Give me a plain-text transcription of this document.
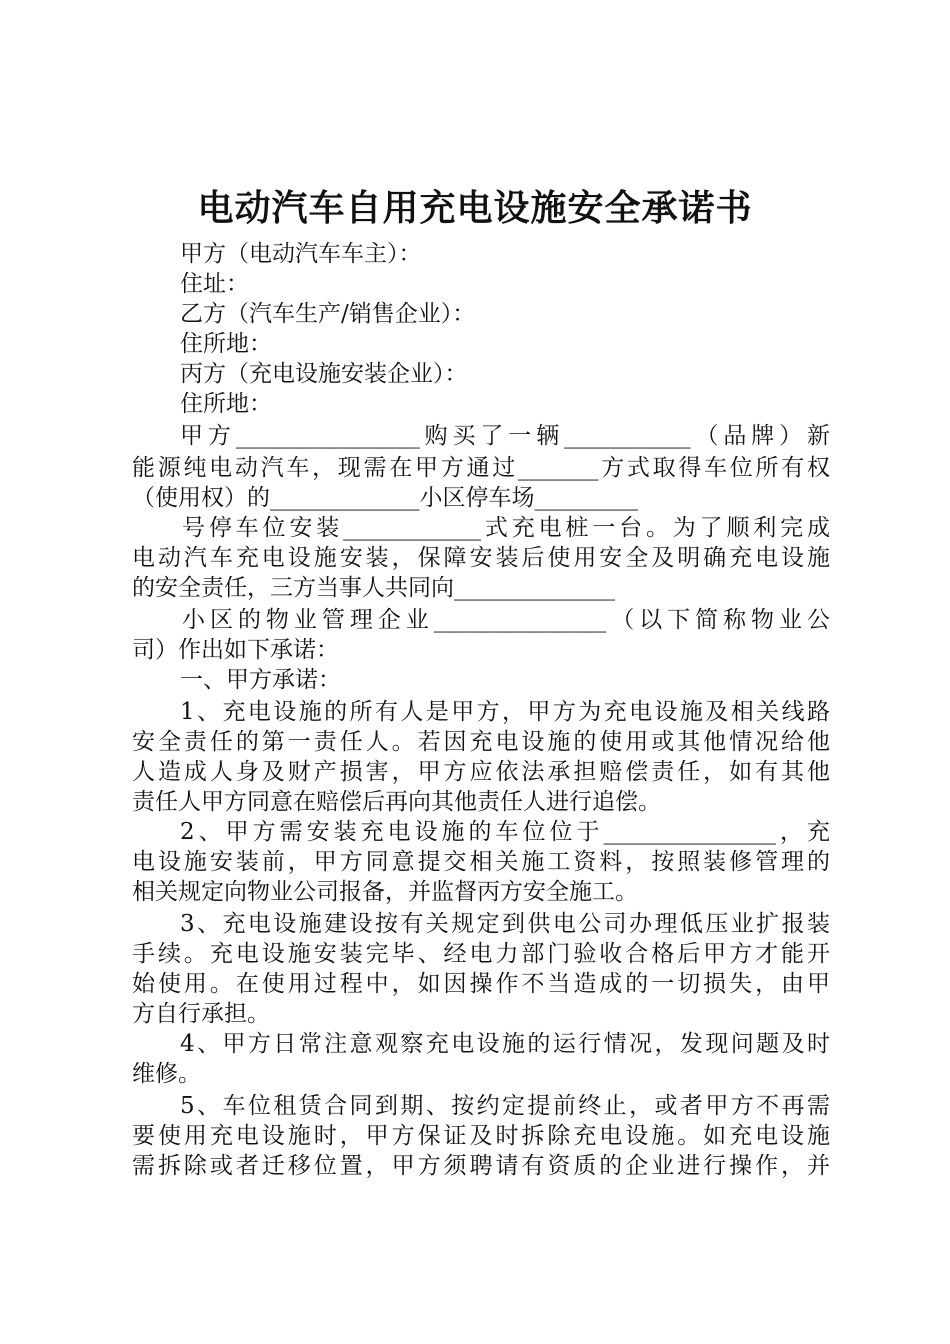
电动汽车自用充电设施安全承诺书
甲方（电动汽车车主）：
住址：
乙方（汽车生产/销售企业）：
住所地：
丙方（充电设施安装企业）：
住所地：
甲方________________购买了一辆___________（品牌）新
能源纯电动汽车，现需在甲方通过_______方式取得车位所有权
（使用权）的_____________小区停车场_________
号停车位安装____________式充电桩一台。为了顺利完成
电动汽车充电设施安装，保障安装后使用安全及明确充电设施
的安全责任，三方当事人共同向______________
小区的物业管理企业_______________（以下简称物业公
司）作出如下承诺：
一、甲方承诺：
1、充电设施的所有人是甲方，甲方为充电设施及相关线路
安全责任的第一责任人。若因充电设施的使用或其他情况给他
人造成人身及财产损害，甲方应依法承担赔偿责任，如有其他
责任人甲方同意在赔偿后再向其他责任人进行追偿。
2、甲方需安装充电设施的车位位于_______________，充
电设施安装前，甲方同意提交相关施工资料，按照装修管理的
相关规定向物业公司报备，并监督丙方安全施工。
3、充电设施建设按有关规定到供电公司办理低压业扩报装
手续。充电设施安装完毕、经电力部门验收合格后甲方才能开
始使用。在使用过程中，如因操作不当造成的一切损失，由甲
方自行承担。
4、甲方日常注意观察充电设施的运行情况，发现问题及时
维修。
5、车位租赁合同到期、按约定提前终止，或者甲方不再需
要使用充电设施时，甲方保证及时拆除充电设施。如充电设施
需拆除或者迁移位置，甲方须聘请有资质的企业进行操作，并
